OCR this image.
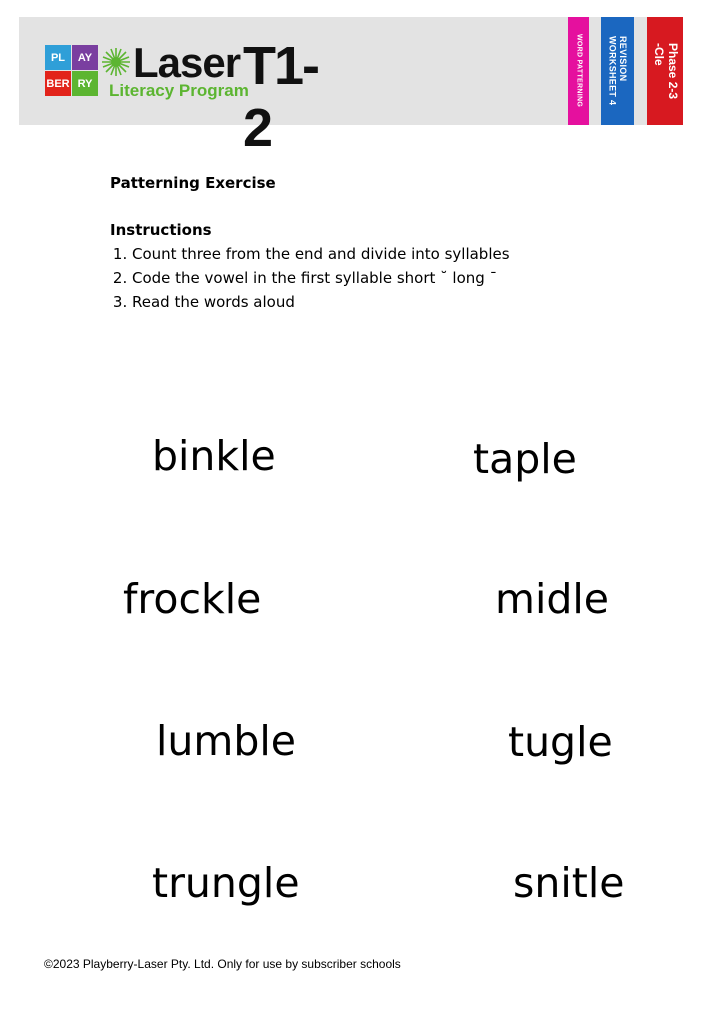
PL	AY
BER RY Laser T1-2
Literacy Program	WORD PATTERNING	REVISION
WORKSHEET 4
Phase 2-3
-Cle
Patterning Exercise
Instructions
1. Count three from the end and divide into syllables
2. Code the vowel in the first syllable short ˘ long ¯
3. Read the words aloud
binkle	taple
frockle	midle
lumble	tugle
trungle	snitle
©2023 Playberry-Laser Pty. Ltd. Only for use by subscriber schools
